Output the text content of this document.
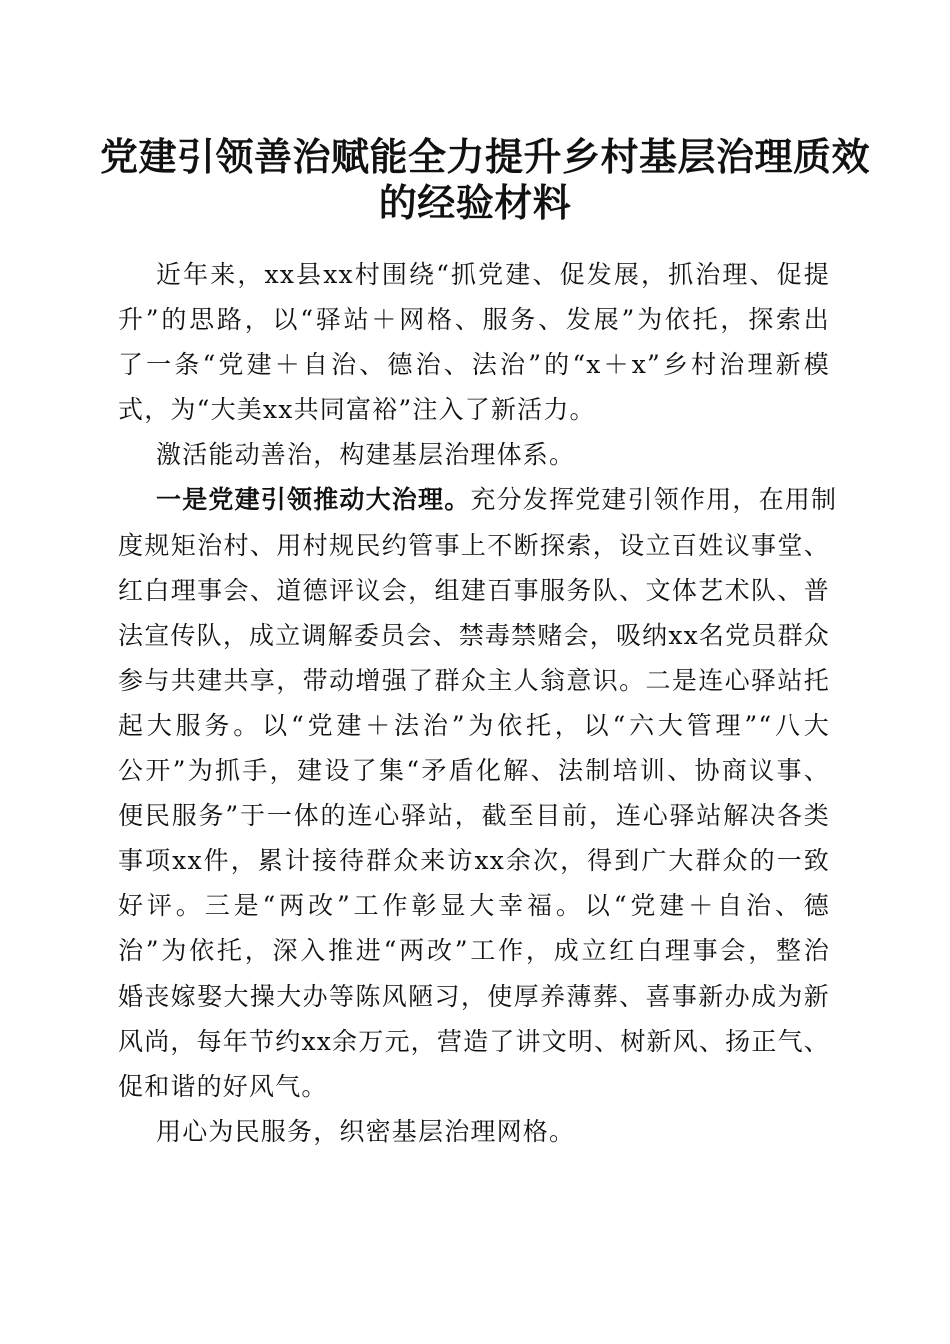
党建引领善治赋能全力提升乡村基层治理质效
的经验材料

近年来，xx县xx村围绕“抓党建、促发展，抓治理、促提
升”的思路，以“驿站＋网格、服务、发展”为依托，探索出
了一条“党建＋自治、德治、法治”的“x＋x”乡村治理新模
式，为“大美xx共同富裕”注入了新活力。

激活能动善治，构建基层治理体系。

一是党建引领推动大治理。充分发挥党建引领作用，在用制
度规矩治村、用村规民约管事上不断探索，设立百姓议事堂、
红白理事会、道德评议会，组建百事服务队、文体艺术队、普
法宣传队，成立调解委员会、禁毒禁赌会，吸纳xx名党员群众
参与共建共享，带动增强了群众主人翁意识。二是连心驿站托
起大服务。以“党建＋法治”为依托，以“六大管理”“八大
公开”为抓手，建设了集“矛盾化解、法制培训、协商议事、
便民服务”于一体的连心驿站，截至目前，连心驿站解决各类
事项xx件，累计接待群众来访xx余次，得到广大群众的一致
好评。三是“两改”工作彰显大幸福。以“党建＋自治、德
治”为依托，深入推进“两改”工作，成立红白理事会，整治
婚丧嫁娶大操大办等陈风陋习，使厚养薄葬、喜事新办成为新
风尚，每年节约xx余万元，营造了讲文明、树新风、扬正气、
促和谐的好风气。

用心为民服务，织密基层治理网格。
